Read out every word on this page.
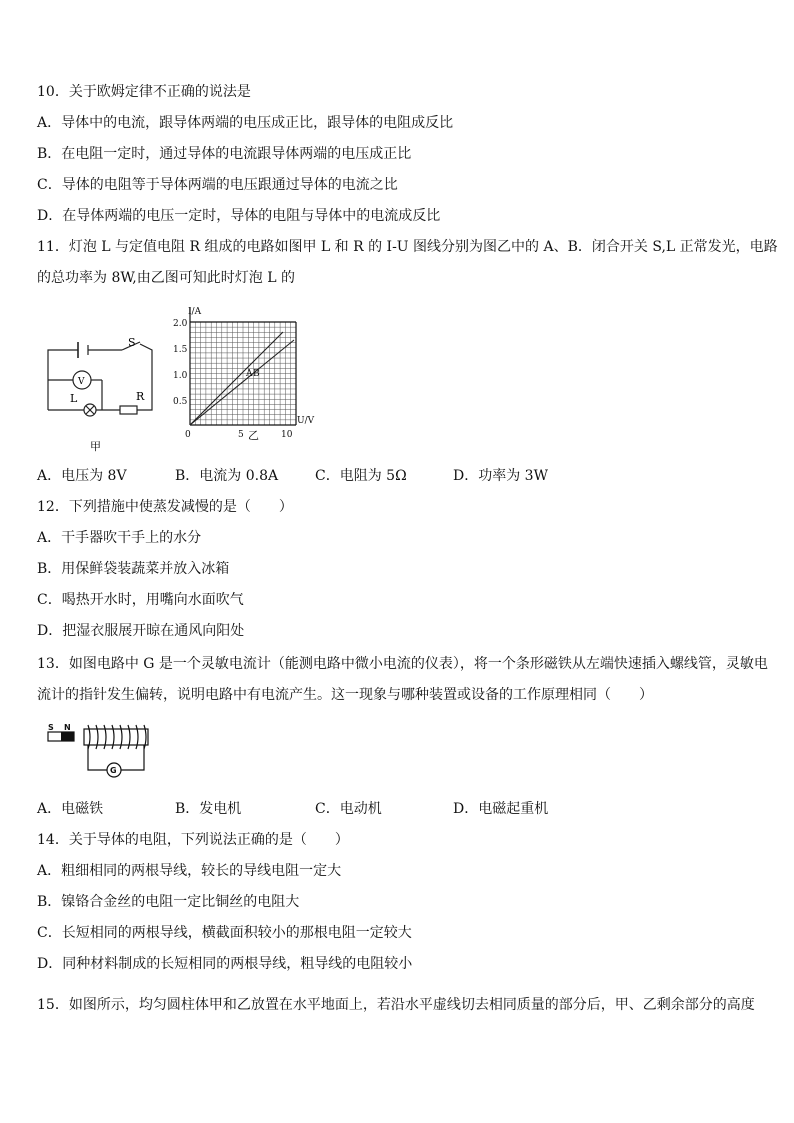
10．关于欧姆定律不正确的说法是
A．导体中的电流，跟导体两端的电压成正比，跟导体的电阻成反比
B．在电阻一定时，通过导体的电流跟导体两端的电压成正比
C．导体的电阻等于导体两端的电压跟通过导体的电流之比
D．在导体两端的电压一定时，导体的电阻与导体中的电流成反比
11．灯泡 L 与定值电阻 R 组成的电路如图甲 L 和 R 的 I-U 图线分别为图乙中的 A、B．闭合开关 S,L 正常发光，电路
的总功率为 8W,由乙图可知此时灯泡 L 的
S
V
L	R
甲
I/A
2.0
1.5
1.0
0.5
0	5	10
U/V
A B
乙
A．电压为 8V	B．电流为 0.8A	C．电阻为 5Ω	D．功率为 3W
12．下列措施中使蒸发减慢的是（　　）
A．干手器吹干手上的水分
B．用保鲜袋装蔬菜并放入冰箱
C．喝热开水时，用嘴向水面吹气
D．把湿衣服展开晾在通风向阳处
13．如图电路中 G 是一个灵敏电流计（能测电路中微小电流的仪表），将一个条形磁铁从左端快速插入螺线管，灵敏电
流计的指针发生偏转，说明电路中有电流产生。这一现象与哪种装置或设备的工作原理相同（　　）
S N
G
A．电磁铁	B．发电机	C．电动机	D．电磁起重机
14．关于导体的电阻，下列说法正确的是（　　）
A．粗细相同的两根导线，较长的导线电阻一定大
B．镍铬合金丝的电阻一定比铜丝的电阻大
C．长短相同的两根导线，横截面积较小的那根电阻一定较大
D．同种材料制成的长短相同的两根导线，粗导线的电阻较小
15．如图所示，均匀圆柱体甲和乙放置在水平地面上，若沿水平虚线切去相同质量的部分后，甲、乙剩余部分的高度
